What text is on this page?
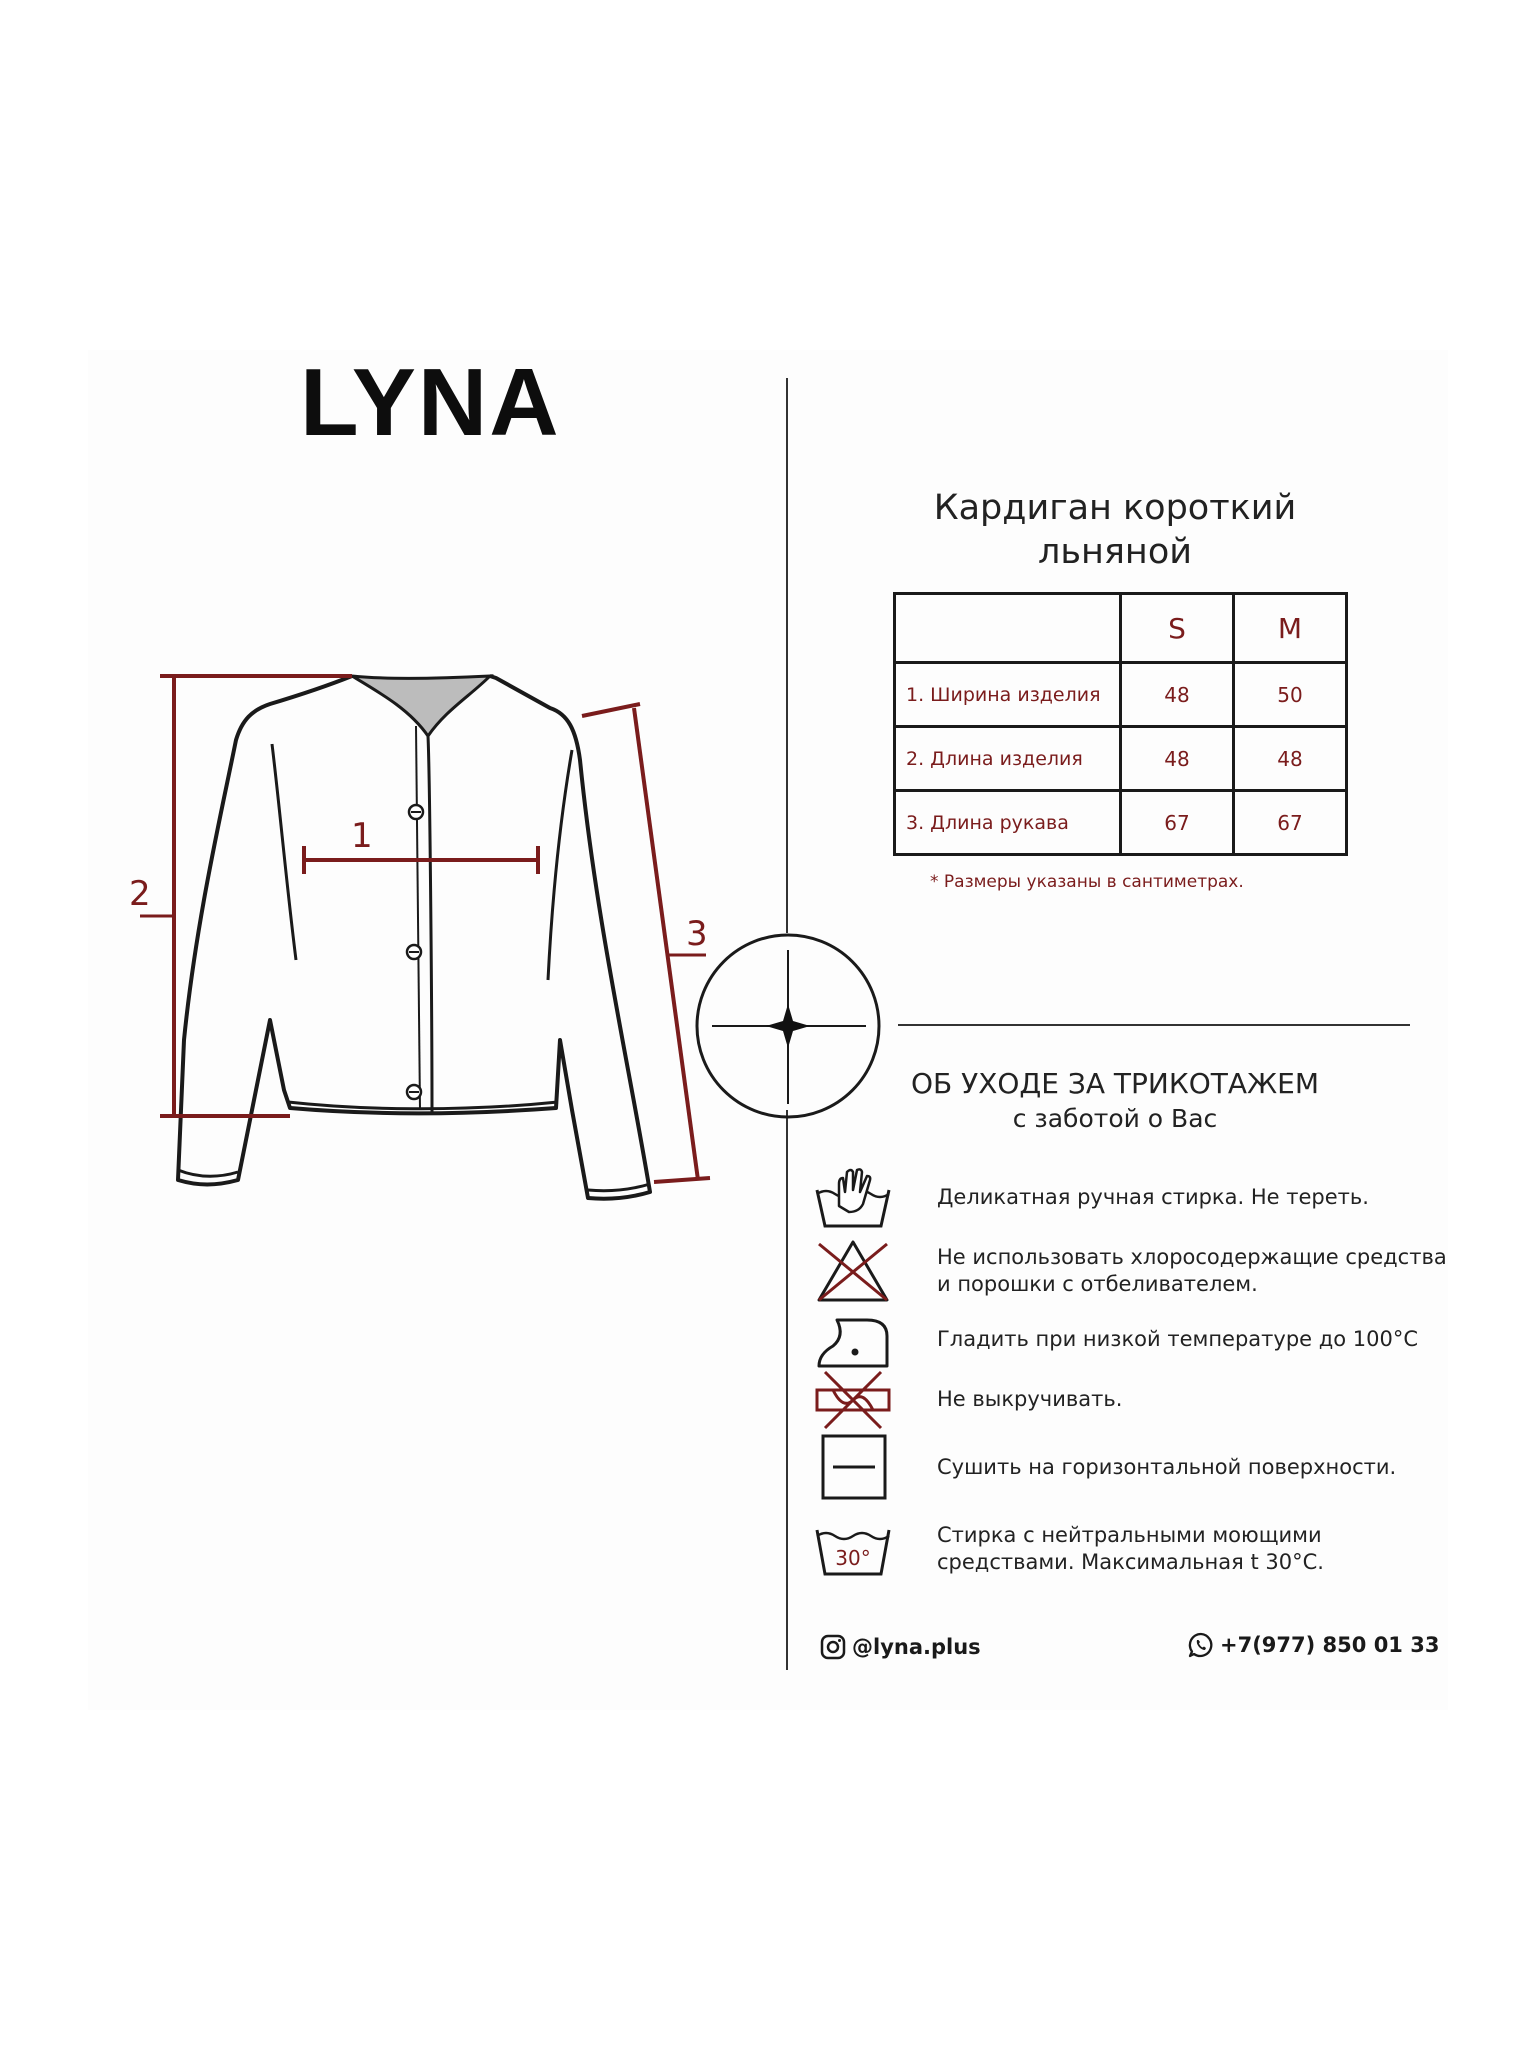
LYNA
2
1
3
Кардиган короткий льняной
	S	M
1. Ширина изделия	48	50
2. Длина изделия	48	48
3. Длина рукава	67	67
* Размеры указаны в сантиметрах.
ОБ УХОДЕ ЗА ТРИКОТАЖЕМ
с заботой о Вас
Деликатная ручная стирка. Не тереть.
Не использовать хлоросодержащие средства и порошки с отбеливателем.
Гладить при низкой температуре до 100°С
Не выкручивать.
Сушить на горизонтальной поверхности.
30°
Стирка с нейтральными моющими средствами. Максимальная t 30°С.
@lyna.plus	+7(977) 850 01 33
